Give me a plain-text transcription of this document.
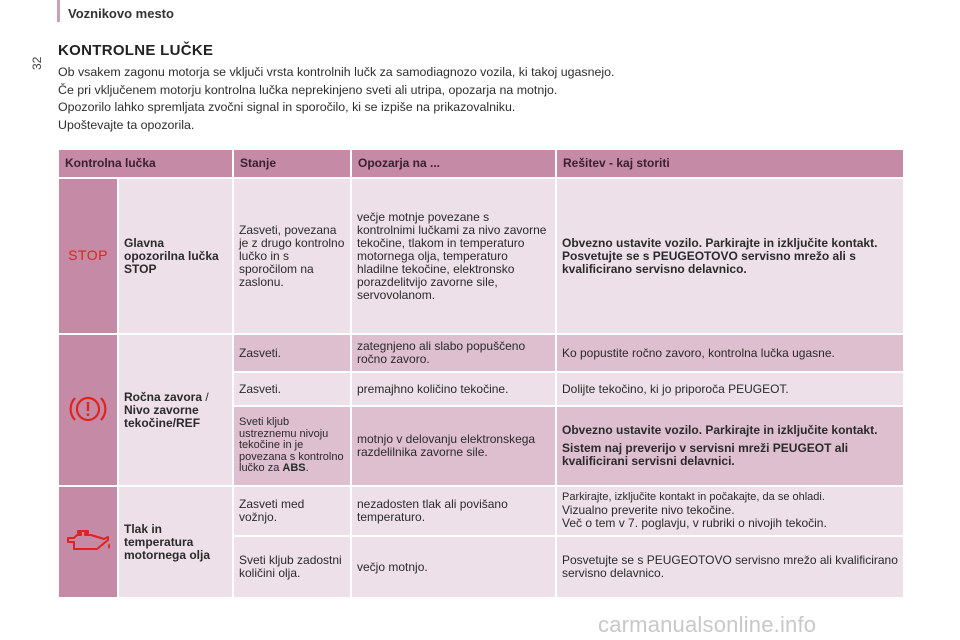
Voznikovo mesto
32
KONTROLNE LUČKE

Ob vsakem zagonu motorja se vključi vrsta kontrolnih lučk za samodiagnozo vozila, ki takoj ugasnejo.

Če pri vključenem motorju kontrolna lučka neprekinjeno sveti ali utripa, opozarja na motnjo.

Opozorilo lahko spremljata zvočni signal in sporočilo, ki se izpiše na prikazovalniku.

Upoštevajte ta opozorila.

Kontrolna lučka		Stanje	Opozarja na ...	Rešitev - kaj storiti
STOP	Glavna opozorilna lučka STOP	Zasveti, povezana je z drugo kontrolno lučko in s sporočilom na zaslonu.	večje motnje povezane s kontrolnimi lučkami za nivo zavorne tekočine, tlakom in temperaturo motornega olja, temperaturo hladilne tekočine, elektronsko porazdelitvijo zavorne sile, servovolanom.	Obvezno ustavite vozilo. Parkirajte in izključite kontakt. Posvetujte se s PEUGEOTOVO servisno mrežo ali s kvalificirano servisno delavnico.
	Ročna zavora / Nivo zavorne tekočine/REF	Zasveti.	zategnjeno ali slabo popuščeno ročno zavoro.	Ko popustite ročno zavoro, kontrolna lučka ugasne.
		Zasveti.	premajhno količino tekočine.	Dolijte tekočino, ki jo priporoča PEUGEOT.
		Sveti kljub ustreznemu nivoju tekočine in je povezana s kontrolno lučko za ABS.	motnjo v delovanju elektronskega razdelilnika zavorne sile.	Obvezno ustavite vozilo. Parkirajte in izključite kontakt.

Sistem naj preverijo v servisni mreži PEUGEOT ali kvalificirani servisni delavnici.

	Tlak in temperatura motornega olja	Zasveti med vožnjo.	nezadosten tlak ali povišano temperaturo.	Parkirajte, izključite kontakt in počakajte, da se ohladi.

Vizualno preverite nivo tekočine.

Več o tem v 7. poglavju, v rubriki o nivojih tekočin.

		Sveti kljub zadostni količini olja.	večjo motnjo.	Posvetujte se s PEUGEOTOVO servisno mrežo ali kvalificirano servisno delavnico.
carmanualsonline.info
